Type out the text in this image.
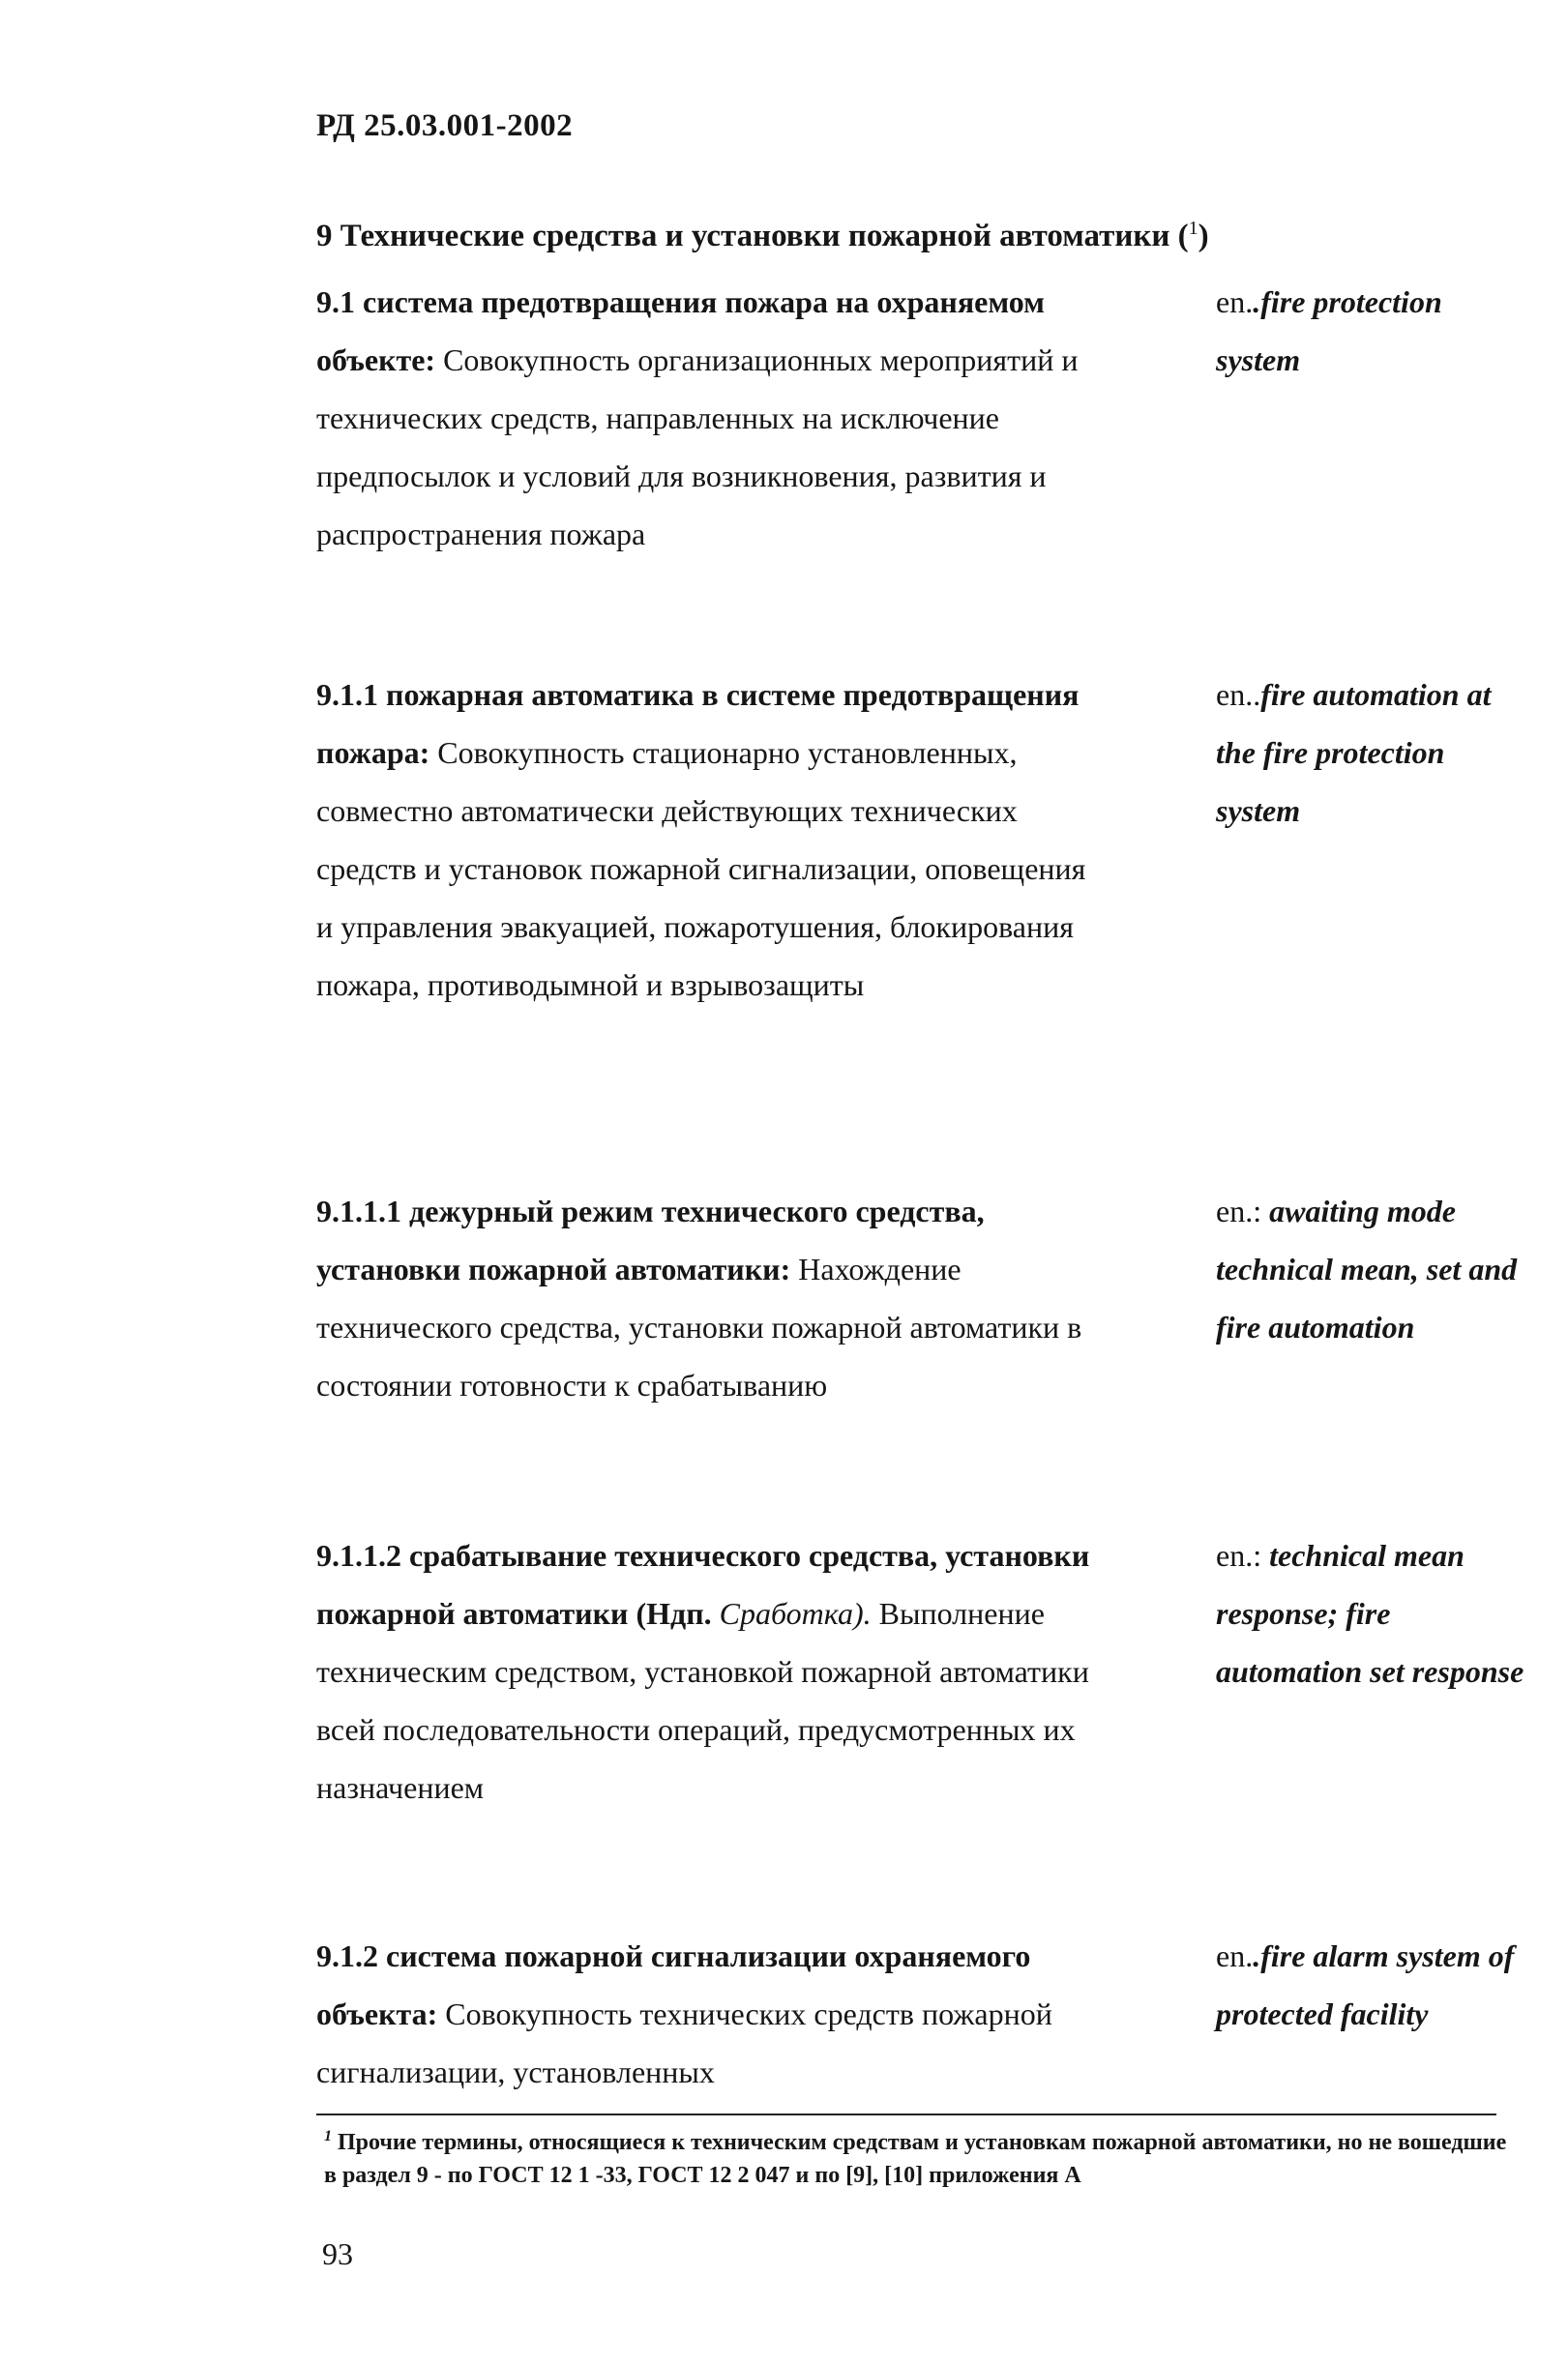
РД 25.03.001-2002
9 Технические средства и установки пожарной автоматики ($^1$)
9.1 система предотвращения пожара на охраняемом объекте: Совокупность организационных мероприятий и технических средств, направленных на исключение предпосылок и условий для возникновения, развития и распространения пожара
en..fire protection system
9.1.1 пожарная автоматика в системе предотвращения пожара: Совокупность стационарно установленных, совместно автоматически действующих технических средств и установок пожарной сигнализации, оповещения и управления эвакуацией, пожаротушения, блокирования пожара, противодымной и взрывозащиты
en..fire automation at the fire protection system
9.1.1.1 дежурный режим технического средства, установки пожарной автоматики: Нахождение технического средства, установки пожарной автоматики в состоянии готовности к срабатыванию
en.: awaiting mode technical mean, set and fire automation
9.1.1.2 срабатывание технического средства, установки пожарной автоматики (Ндп. Сработка). Выполнение техническим средством, установкой пожарной автоматики всей последовательности операций, предусмотренных их назначением
en.: technical mean response; fire automation set response
9.1.2 система пожарной сигнализации охраняемого объекта: Совокупность технических средств пожарной сигнализации, установленных
en..fire alarm system of protected facility
$^1$ Прочие термины, относящиеся к техническим средствам и установкам пожарной автоматики, но не вошедшие в раздел 9 - по ГОСТ 12 1 -33, ГОСТ 12 2 047 и по [9], [10] приложения А
93
